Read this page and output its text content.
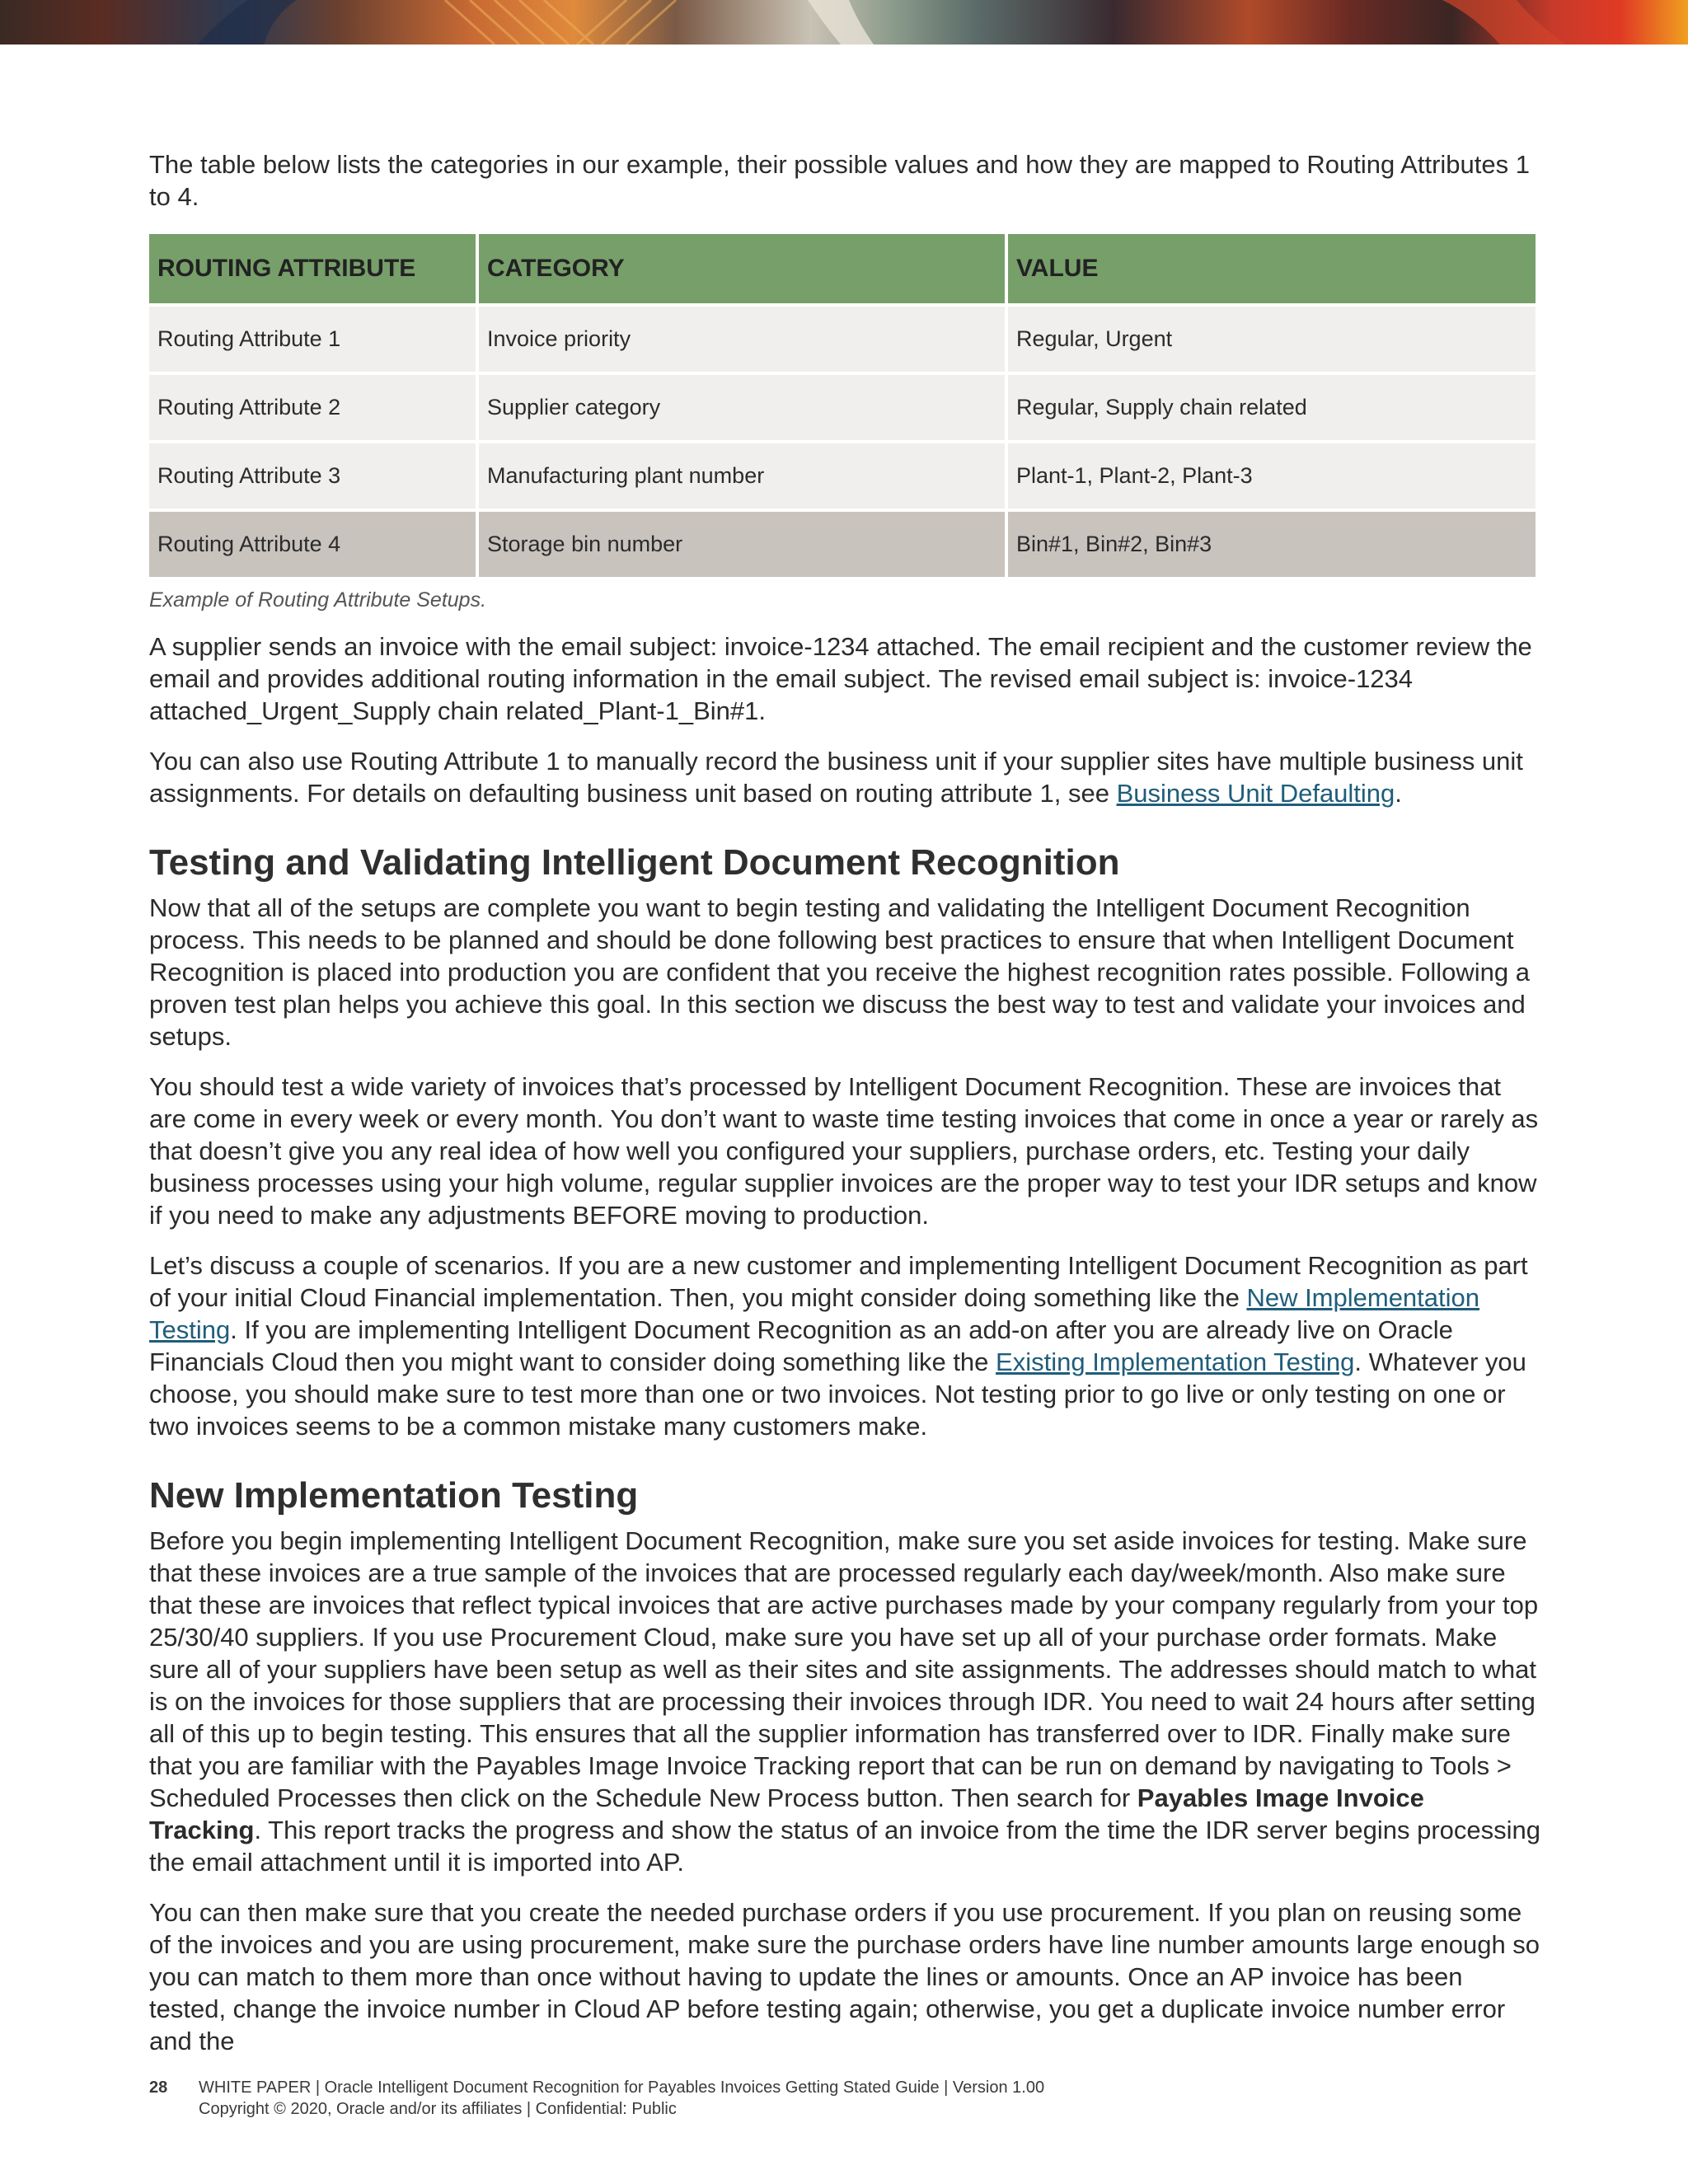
The table below lists the categories in our example, their possible values and how they are mapped to Routing Attributes 1 to 4.

ROUTING ATTRIBUTE	CATEGORY	VALUE
Routing Attribute 1	Invoice priority	Regular, Urgent
Routing Attribute 2	Supplier category	Regular, Supply chain related
Routing Attribute 3	Manufacturing plant number	Plant-1, Plant-2, Plant-3
Routing Attribute 4	Storage bin number	Bin#1, Bin#2, Bin#3
Example of Routing Attribute Setups.

A supplier sends an invoice with the email subject: invoice-1234 attached. The email recipient and the customer review the email and provides additional routing information in the email subject. The revised email subject is: invoice-1234 attached_Urgent_Supply chain related_Plant-1_Bin#1.

You can also use Routing Attribute 1 to manually record the business unit if your supplier sites have multiple business unit assignments. For details on defaulting business unit based on routing attribute 1, see Business Unit Defaulting.

Testing and Validating Intelligent Document Recognition

Now that all of the setups are complete you want to begin testing and validating the Intelligent Document Recognition process. This needs to be planned and should be done following best practices to ensure that when Intelligent Document Recognition is placed into production you are confident that you receive the highest recognition rates possible. Following a proven test plan helps you achieve this goal. In this section we discuss the best way to test and validate your invoices and setups.

You should test a wide variety of invoices that’s processed by Intelligent Document Recognition. These are invoices that are come in every week or every month. You don’t want to waste time testing invoices that come in once a year or rarely as that doesn’t give you any real idea of how well you configured your suppliers, purchase orders, etc. Testing your daily business processes using your high volume, regular supplier invoices are the proper way to test your IDR setups and know if you need to make any adjustments BEFORE moving to production.

Let’s discuss a couple of scenarios. If you are a new customer and implementing Intelligent Document Recognition as part of your initial Cloud Financial implementation. Then, you might consider doing something like the New Implementation Testing. If you are implementing Intelligent Document Recognition as an add-on after you are already live on Oracle Financials Cloud then you might want to consider doing something like the Existing Implementation Testing. Whatever you choose, you should make sure to test more than one or two invoices. Not testing prior to go live or only testing on one or two invoices seems to be a common mistake many customers make.

New Implementation Testing

Before you begin implementing Intelligent Document Recognition, make sure you set aside invoices for testing. Make sure that these invoices are a true sample of the invoices that are processed regularly each day/week/month. Also make sure that these are invoices that reflect typical invoices that are active purchases made by your company regularly from your top 25/30/40 suppliers. If you use Procurement Cloud, make sure you have set up all of your purchase order formats. Make sure all of your suppliers have been setup as well as their sites and site assignments. The addresses should match to what is on the invoices for those suppliers that are processing their invoices through IDR. You need to wait 24 hours after setting all of this up to begin testing. This ensures that all the supplier information has transferred over to IDR. Finally make sure that you are familiar with the Payables Image Invoice Tracking report that can be run on demand by navigating to Tools > Scheduled Processes then click on the Schedule New Process button. Then search for Payables Image Invoice Tracking. This report tracks the progress and show the status of an invoice from the time the IDR server begins processing the email attachment until it is imported into AP.

You can then make sure that you create the needed purchase orders if you use procurement. If you plan on reusing some of the invoices and you are using procurement, make sure the purchase orders have line number amounts large enough so you can match to them more than once without having to update the lines or amounts. Once an AP invoice has been tested, change the invoice number in Cloud AP before testing again; otherwise, you get a duplicate invoice number error and the

28 WHITE PAPER | Oracle Intelligent Document Recognition for Payables Invoices Getting Stated Guide | Version 1.00
Copyright © 2020, Oracle and/or its affiliates | Confidential: Public
